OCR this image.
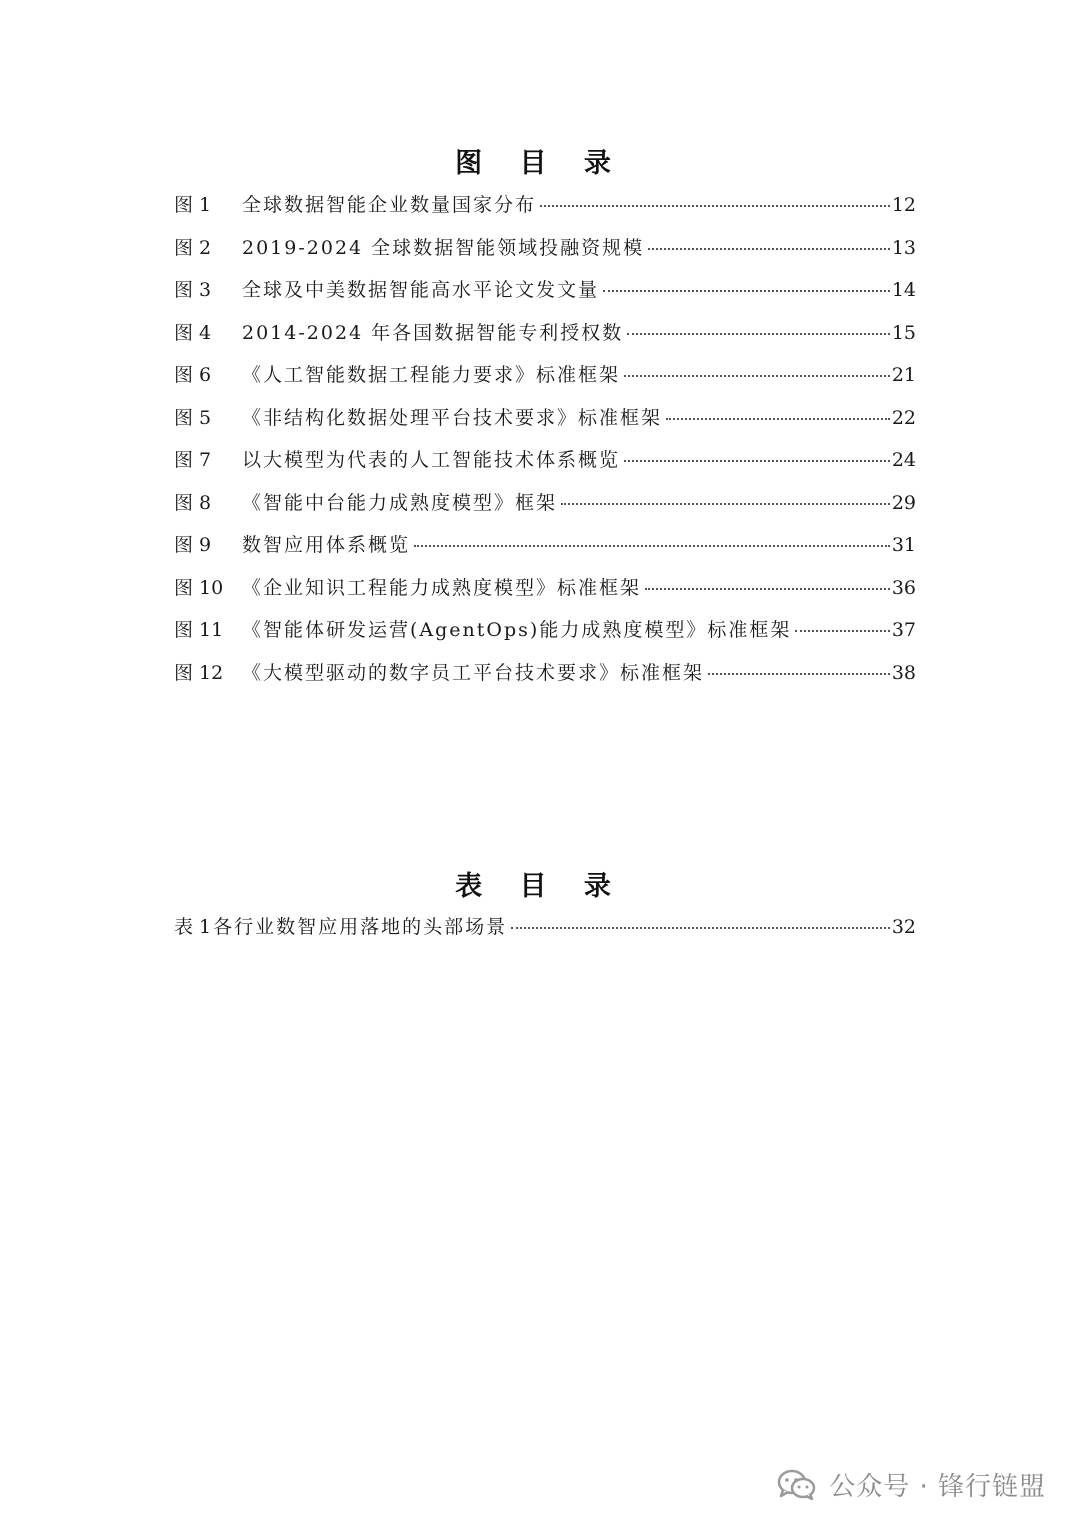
图 目 录
图 1	全球数据智能企业数量国家分布	12
图 2	2019-2024 全球数据智能领域投融资规模	13
图 3	全球及中美数据智能高水平论文发文量	14
图 4	2014-2024 年各国数据智能专利授权数	15
图 6	《人工智能数据工程能力要求》标准框架	21
图 5	《非结构化数据处理平台技术要求》标准框架	22
图 7	以大模型为代表的人工智能技术体系概览	24
图 8	《智能中台能力成熟度模型》框架	29
图 9	数智应用体系概览	31
图 10 《企业知识工程能力成熟度模型》标准框架	36
图 11 《智能体研发运营(AgentOps)能力成熟度模型》标准框架	37
图 12 《大模型驱动的数字员工平台技术要求》标准框架	38
表 目 录
表 1 各行业数智应用落地的头部场景	32
公众号 · 锋行链盟
